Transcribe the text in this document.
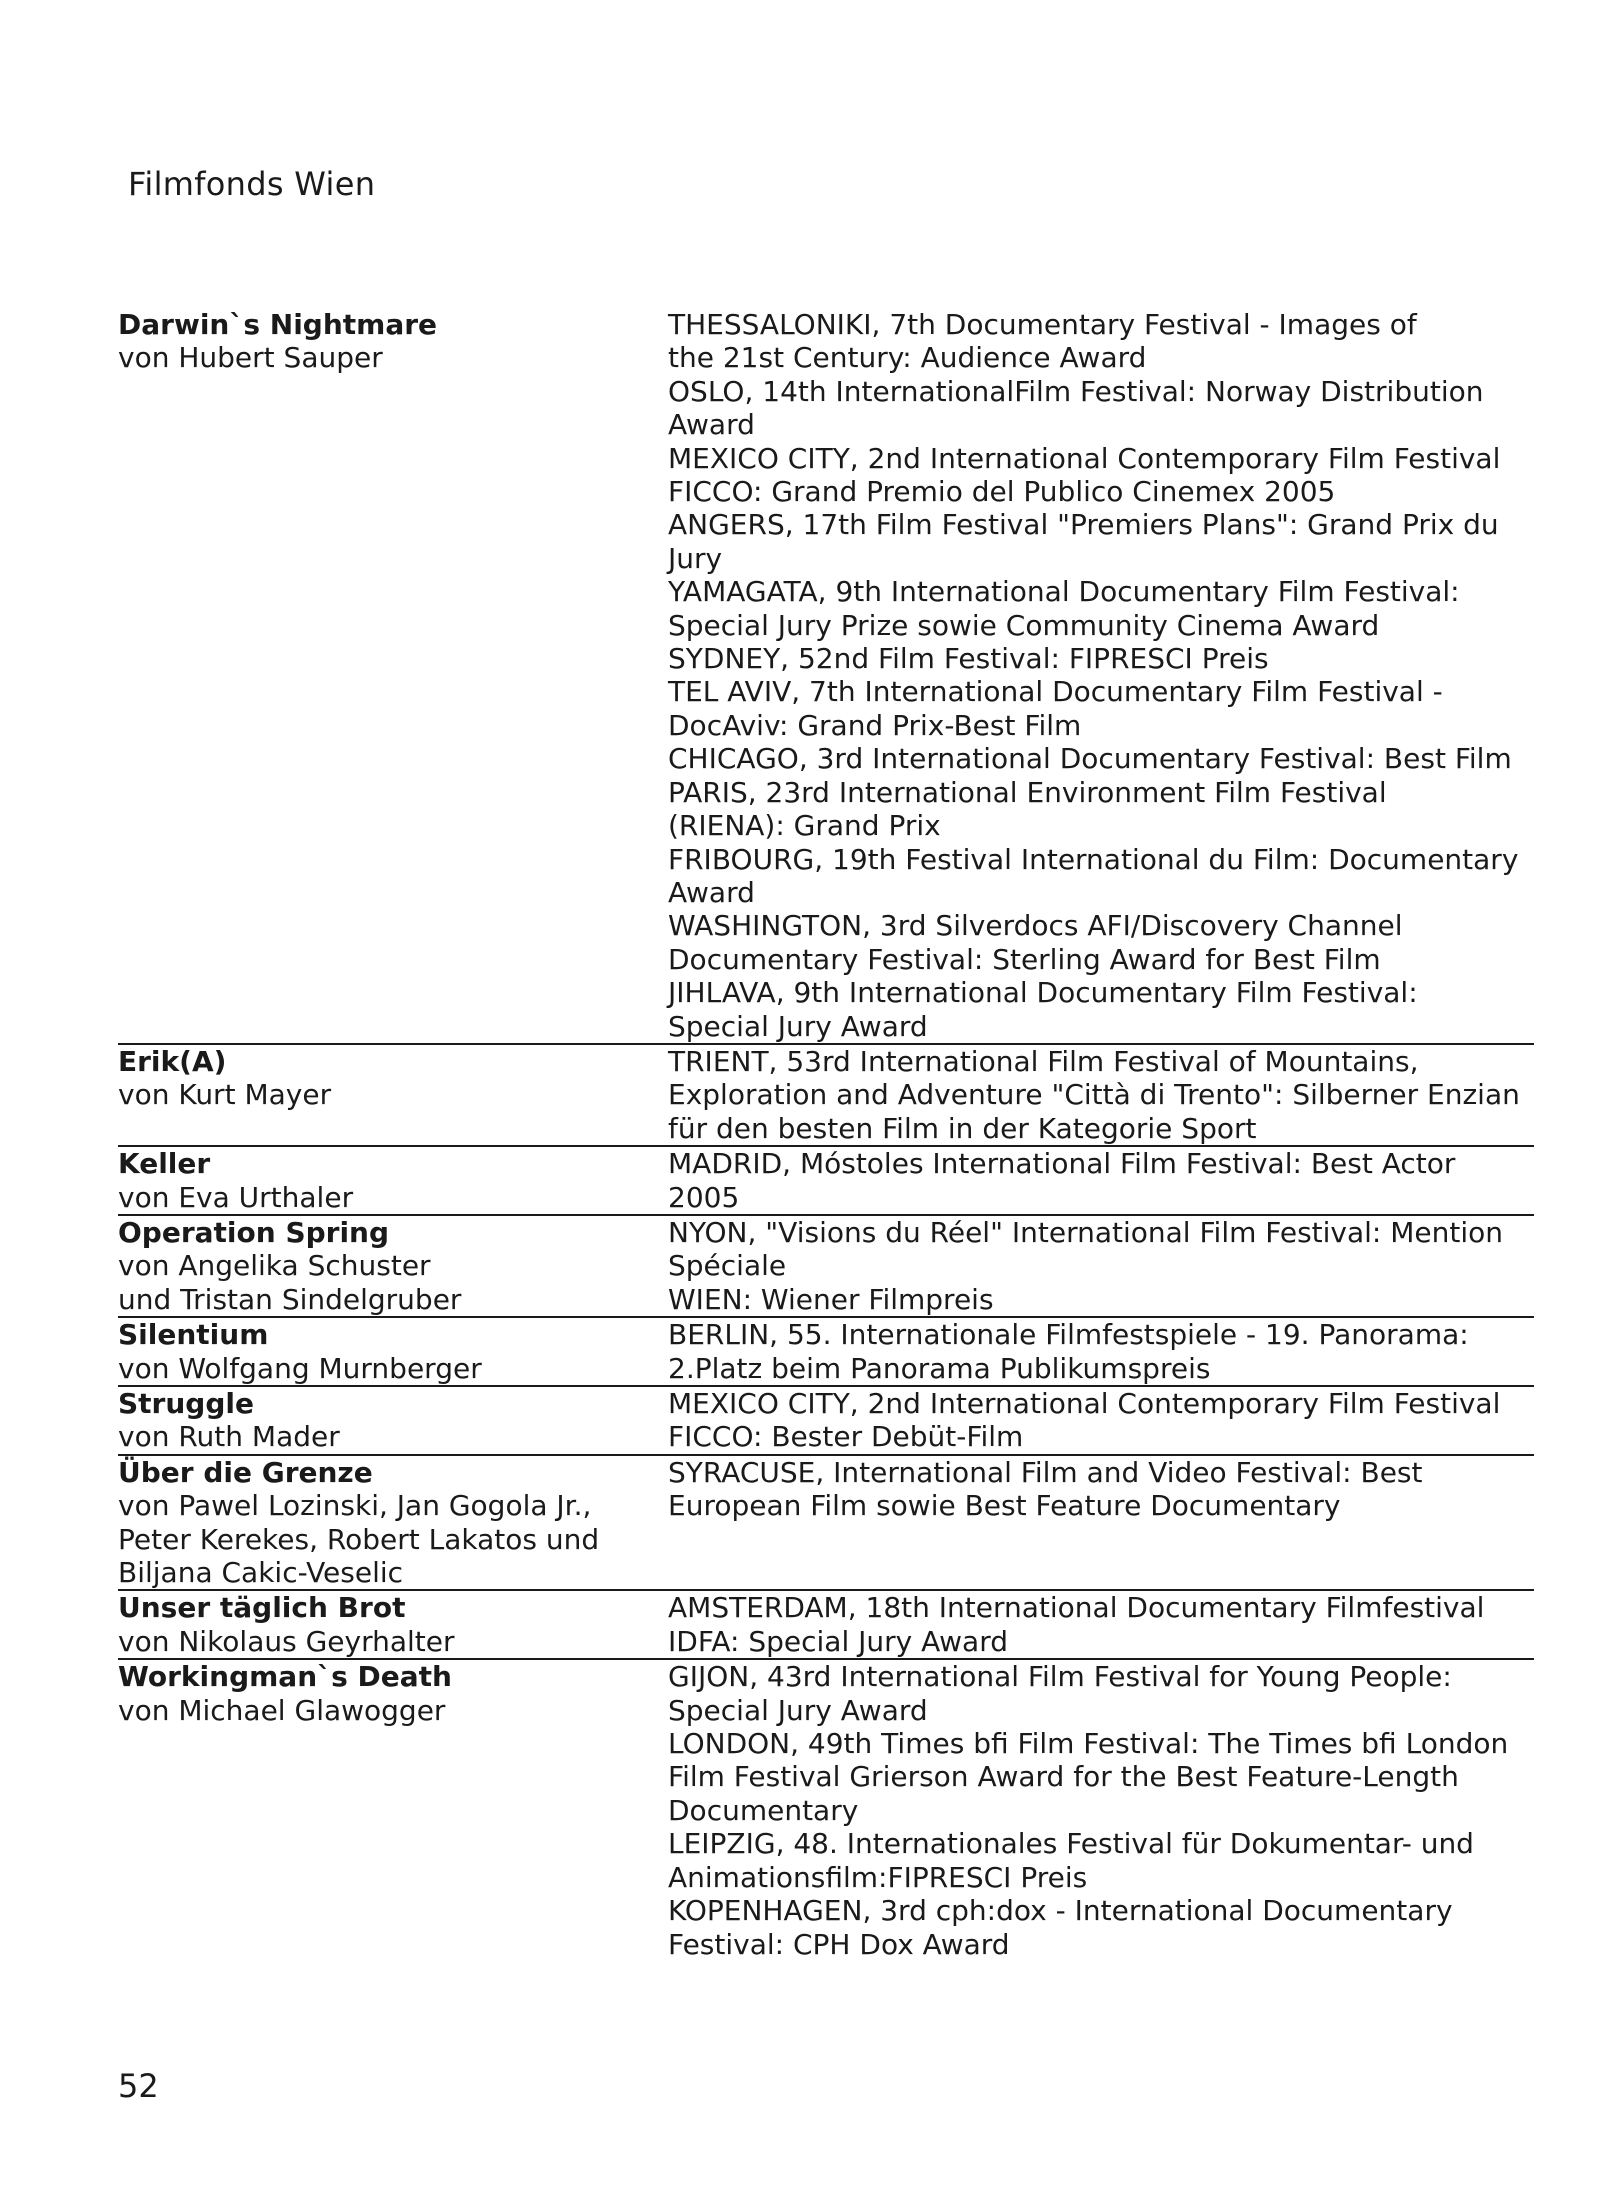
Filmfonds Wien
Darwin`s Nightmare
von Hubert Sauper
THESSALONIKI, 7th Documentary Festival - Images of
the 21st Century: Audience Award
OSLO, 14th InternationalFilm Festival: Norway Distribution
Award
MEXICO CITY, 2nd International Contemporary Film Festival
FICCO: Grand Premio del Publico Cinemex 2005
ANGERS, 17th Film Festival "Premiers Plans": Grand Prix du
Jury
YAMAGATA, 9th International Documentary Film Festival:
Special Jury Prize sowie Community Cinema Award
SYDNEY, 52nd Film Festival: FIPRESCI Preis
TEL AVIV, 7th International Documentary Film Festival -
DocAviv: Grand Prix-Best Film
CHICAGO, 3rd International Documentary Festival: Best Film
PARIS, 23rd International Environment Film Festival
(RIENA): Grand Prix
FRIBOURG, 19th Festival International du Film: Documentary
Award
WASHINGTON, 3rd Silverdocs AFI/Discovery Channel
Documentary Festival: Sterling Award for Best Film
JIHLAVA, 9th International Documentary Film Festival:
Special Jury Award
Erik(A)
von Kurt Mayer
TRIENT, 53rd International Film Festival of Mountains,
Exploration and Adventure "Città di Trento": Silberner Enzian
für den besten Film in der Kategorie Sport
Keller
von Eva Urthaler
MADRID, Móstoles International Film Festival: Best Actor
2005
Operation Spring
von Angelika Schuster
und Tristan Sindelgruber
NYON, "Visions du Réel" International Film Festival: Mention
Spéciale
WIEN: Wiener Filmpreis
Silentium
von Wolfgang Murnberger
BERLIN, 55. Internationale Filmfestspiele - 19. Panorama:
2.Platz beim Panorama Publikumspreis
Struggle
von Ruth Mader
MEXICO CITY, 2nd International Contemporary Film Festival
FICCO: Bester Debüt-Film
Über die Grenze
von Pawel Lozinski, Jan Gogola Jr.,
Peter Kerekes, Robert Lakatos und
Biljana Cakic-Veselic
SYRACUSE, International Film and Video Festival: Best
European Film sowie Best Feature Documentary
Unser täglich Brot
von Nikolaus Geyrhalter
AMSTERDAM, 18th International Documentary Filmfestival
IDFA: Special Jury Award
Workingman`s Death
von Michael Glawogger
GIJON, 43rd International Film Festival for Young People:
Special Jury Award
LONDON, 49th Times bfi Film Festival: The Times bfi London
Film Festival Grierson Award for the Best Feature-Length
Documentary
LEIPZIG, 48. Internationales Festival für Dokumentar- und
Animationsfilm:FIPRESCI Preis
KOPENHAGEN, 3rd cph:dox - International Documentary
Festival: CPH Dox Award
52
